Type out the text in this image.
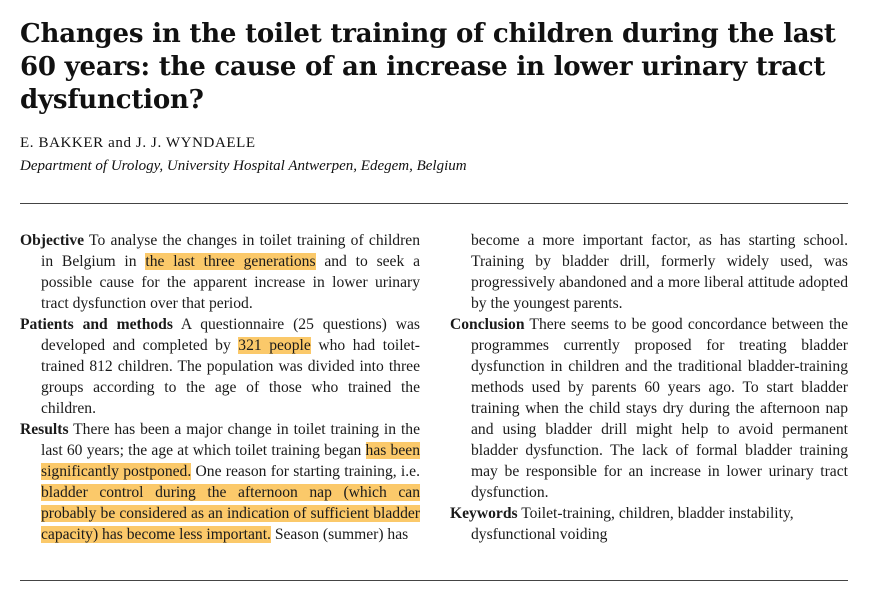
Changes in the toilet training of children during the last 60 years: the cause of an increase in lower urinary tract dysfunction?

E. BAKKER and J. J. WYNDAELE

Department of Urology, University Hospital Antwerpen, Edegem, Belgium

Objective To analyse the changes in toilet training of children in Belgium in the last three generations and to seek a possible cause for the apparent increase in lower urinary tract dysfunction over that period.

Patients and methods A questionnaire (25 questions) was developed and completed by 321 people who had toilet-trained 812 children. The population was divided into three groups according to the age of those who trained the children.

Results There has been a major change in toilet training in the last 60 years; the age at which toilet training began has been significantly postponed. One reason for starting training, i.e. bladder control during the afternoon nap (which can probably be considered as an indication of sufficient bladder capacity) has become less important. Season (summer) has

become a more important factor, as has starting school. Training by bladder drill, formerly widely used, was progressively abandoned and a more liberal attitude adopted by the youngest parents.

Conclusion There seems to be good concordance between the programmes currently proposed for treating bladder dysfunction in children and the traditional bladder-training methods used by parents 60 years ago. To start bladder training when the child stays dry during the afternoon nap and using bladder drill might help to avoid permanent bladder dysfunction. The lack of formal bladder training may be responsible for an increase in lower urinary tract dysfunction.

Keywords Toilet-training, children, bladder instability, dysfunctional voiding
